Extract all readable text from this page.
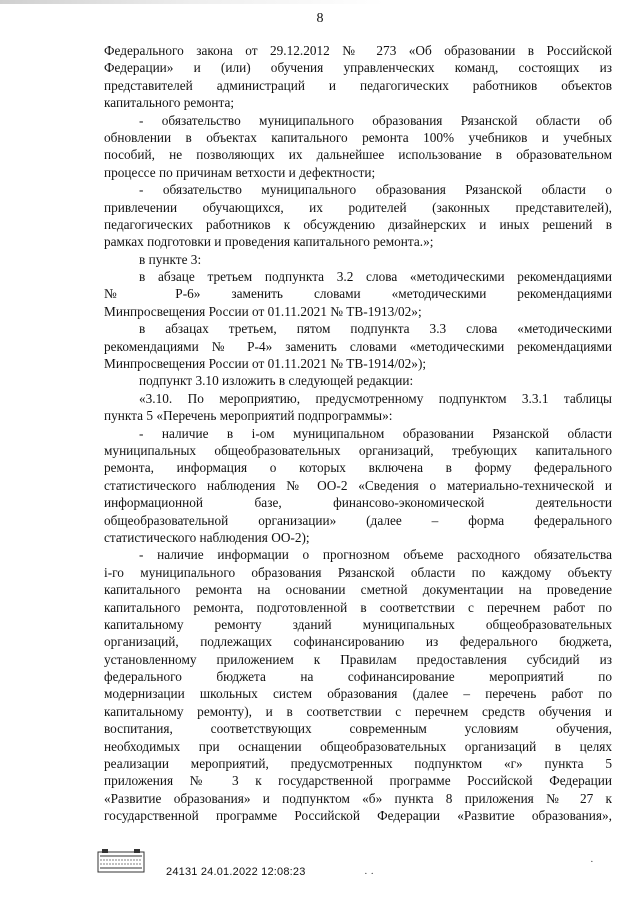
8
Федерального закона от 29.12.2012 № 273 «Об образовании в Российской
Федерации» и (или) обучения управленческих команд, состоящих из
представителей администраций и педагогических работников объектов
капитального ремонта;
- обязательство муниципального образования Рязанской области об
обновлении в объектах капитального ремонта 100% учебников и учебных
пособий, не позволяющих их дальнейшее использование в образовательном
процессе по причинам ветхости и дефектности;
- обязательство муниципального образования Рязанской области о
привлечении обучающихся, их родителей (законных представителей),
педагогических работников к обсуждению дизайнерских и иных решений в
рамках подготовки и проведения капитального ремонта.»;
в пункте 3:
в абзаце третьем подпункта 3.2 слова «методическими рекомендациями
№ Р-6» заменить словами «методическими рекомендациями
Минпросвещения России от 01.11.2021 № ТВ-1913/02»;
в абзацах третьем, пятом подпункта 3.3 слова «методическими
рекомендациями № Р-4» заменить словами «методическими рекомендациями
Минпросвещения России от 01.11.2021 № ТВ-1914/02»);
подпункт 3.10 изложить в следующей редакции:
«3.10. По мероприятию, предусмотренному подпунктом 3.3.1 таблицы
пункта 5 «Перечень мероприятий подпрограммы»:
- наличие в i-ом муниципальном образовании Рязанской области
муниципальных общеобразовательных организаций, требующих капитального
ремонта, информация о которых включена в форму федерального
статистического наблюдения № ОО-2 «Сведения о материально-технической и
информационной базе, финансово-экономической деятельности
общеобразовательной организации» (далее – форма федерального
статистического наблюдения ОО-2);
- наличие информации о прогнозном объеме расходного обязательства
i-го муниципального образования Рязанской области по каждому объекту
капитального ремонта на основании сметной документации на проведение
капитального ремонта, подготовленной в соответствии с перечнем работ по
капитальному ремонту зданий муниципальных общеобразовательных
организаций, подлежащих софинансированию из федерального бюджета,
установленному приложением к Правилам предоставления субсидий из
федерального бюджета на софинансирование мероприятий по
модернизации школьных систем образования (далее – перечень работ по
капитальному ремонту), и в соответствии с перечнем средств обучения и
воспитания, соответствующих современным условиям обучения,
необходимых при оснащении общеобразовательных организаций в целях
реализации мероприятий, предусмотренных подпунктом «г» пункта 5
приложения № 3 к государственной программе Российской Федерации
«Развитие образования» и подпунктом «б» пункта 8 приложения № 27 к
государственной программе Российской Федерации «Развитие образования»,
24131 24.01.2022 12:08:23	· ·
·
